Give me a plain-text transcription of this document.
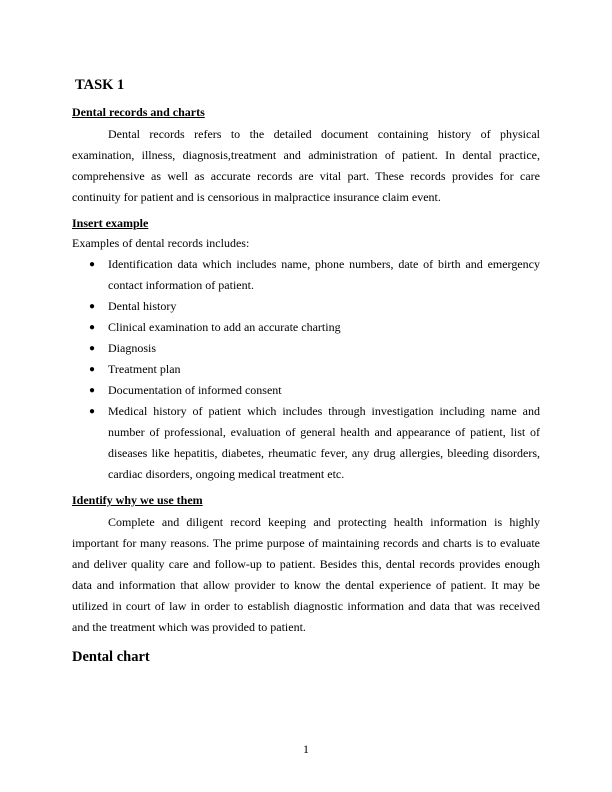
TASK 1
Dental records and charts

Dental records refers to the detailed document containing history of physical examination, illness, diagnosis,treatment and administration of patient. In dental practice, comprehensive as well as accurate records are vital part. These records provides for care continuity for patient and is censorious in malpractice insurance claim event.

Insert example
Examples of dental records includes:
● Identification data which includes name, phone numbers, date of birth and emergency contact information of patient.
● Dental history
● Clinical examination to add an accurate charting
● Diagnosis
● Treatment plan
● Documentation of informed consent
● Medical history of patient which includes through investigation including name and number of professional, evaluation of general health and appearance of patient, list of diseases like hepatitis, diabetes, rheumatic fever, any drug allergies, bleeding disorders, cardiac disorders, ongoing medical treatment etc.
Identify why we use them

Complete and diligent record keeping and protecting health information is highly important for many reasons. The prime purpose of maintaining records and charts is to evaluate and deliver quality care and follow-up to patient. Besides this, dental records provides enough data and information that allow provider to know the dental experience of patient. It may be utilized in court of law in order to establish diagnostic information and data that was received and the treatment which was provided to patient.

Dental chart
1
